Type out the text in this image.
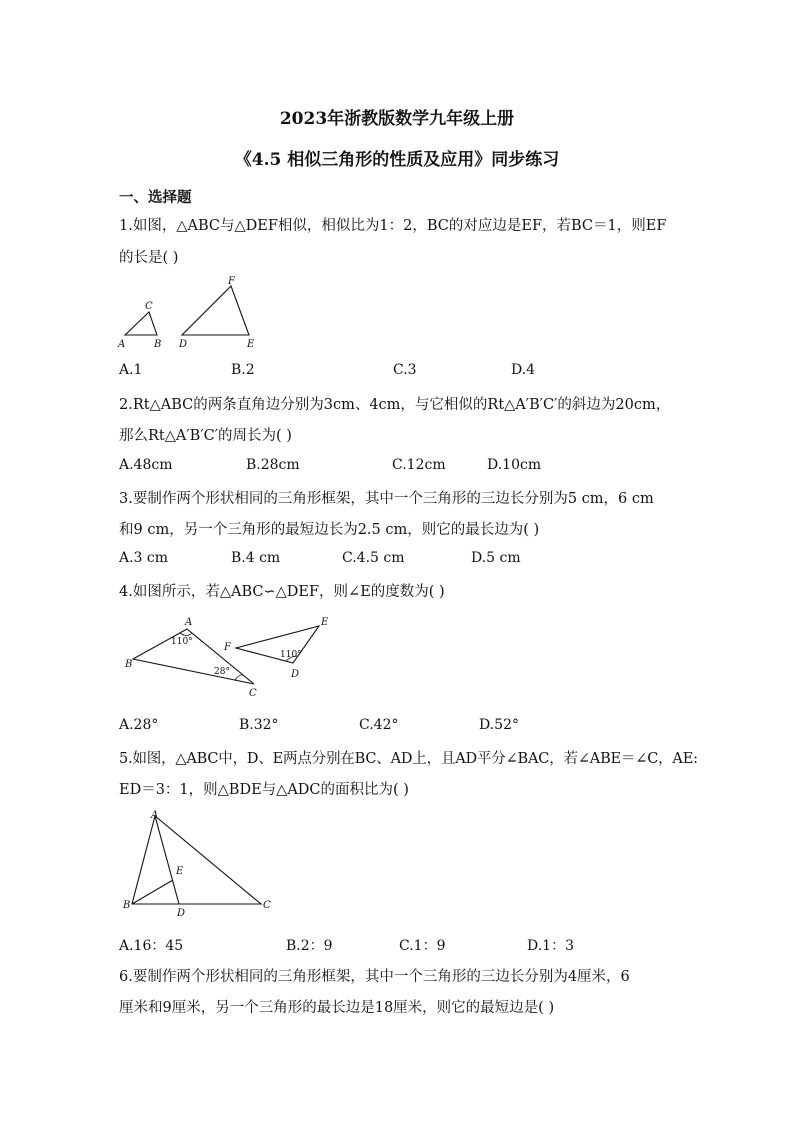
2023年浙教版数学九年级上册
《4.5 相似三角形的性质及应用》同步练习
一、选择题
1.如图，△ABC与△DEF相似，相似比为1：2，BC的对应边是EF，若BC＝1，则EF
的长是( )
A	B
C
D	E
F
A.1	B.2	C.3	D.4
2.Rt△ABC的两条直角边分别为3cm、4cm，与它相似的Rt△A′B′C′的斜边为20cm，
那么Rt△A′B′C′的周长为( )
A.48cm	B.28cm	C.12cm	D.10cm
3.要制作两个形状相同的三角形框架，其中一个三角形的三边长分别为5 cm，6 cm
和9 cm，另一个三角形的最短边长为2.5 cm，则它的最长边为( )
A.3 cm	B.4 cm	C.4.5 cm	D.5 cm
4.如图所示，若△ABC∽△DEF，则∠E的度数为( )
A
B
C
110°
28°	D
E
F
110°
A.28°	B.32°	C.42°	D.52°
5.如图，△ABC中，D、E两点分别在BC、AD上，且AD平分∠BAC，若∠ABE＝∠C，AE:
ED＝3：1，则△BDE与△ADC的面积比为( )
A
B	C
D
E
A.16：45	B.2：9	C.1：9	D.1：3
6.要制作两个形状相同的三角形框架，其中一个三角形的三边长分别为4厘米，6
厘米和9厘米，另一个三角形的最长边是18厘米，则它的最短边是( )
